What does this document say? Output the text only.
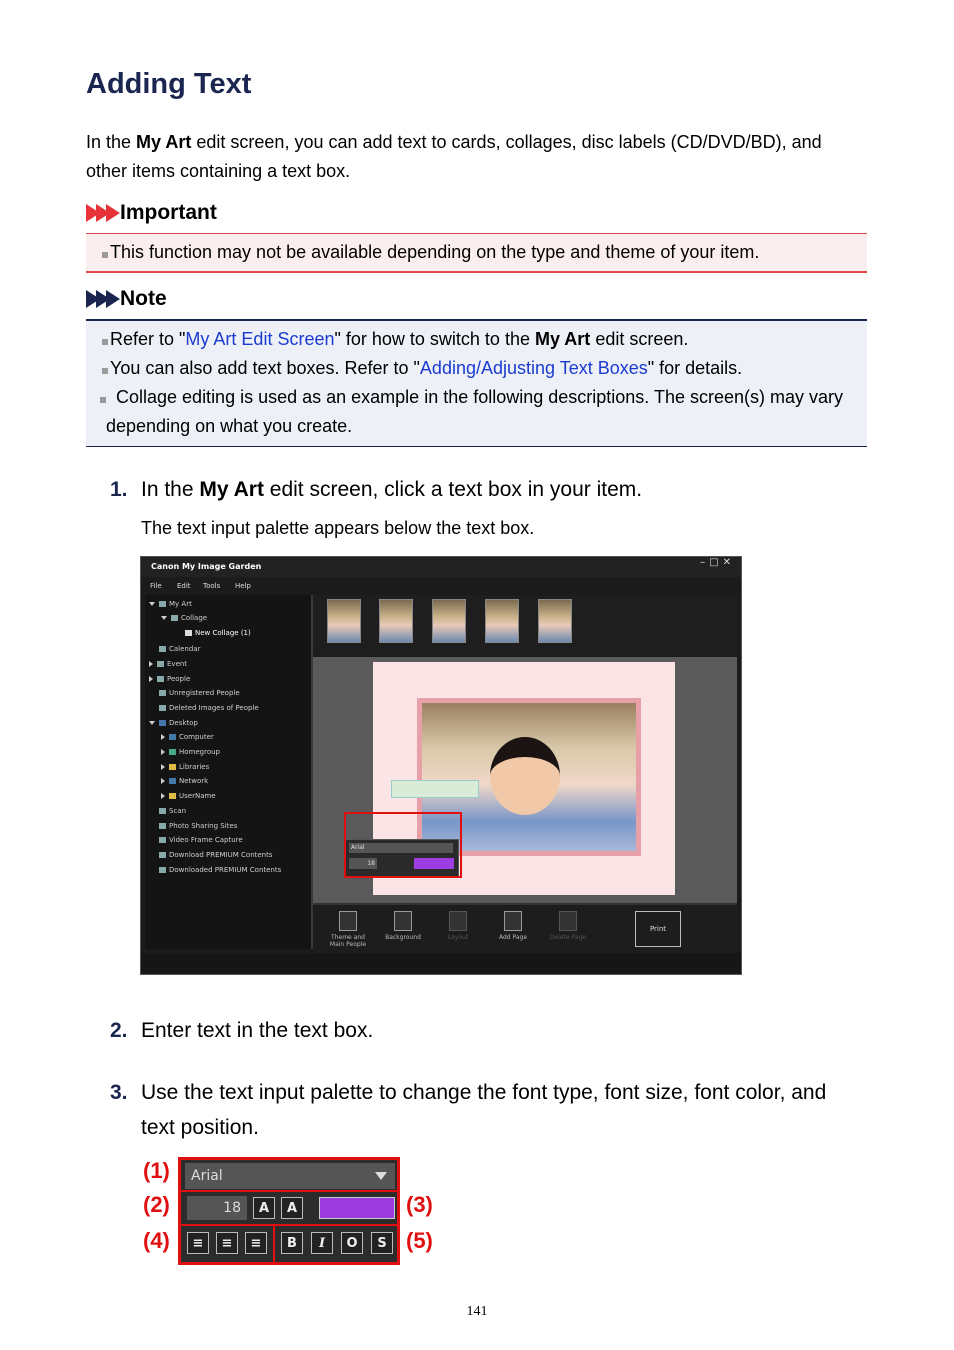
Adding Text
In the My Art edit screen, you can add text to cards, collages, disc labels (CD/DVD/BD), and other items containing a text box.
Important
This function may not be available depending on the type and theme of your item.
Note
Refer to "My Art Edit Screen" for how to switch to the My Art edit screen.
You can also add text boxes. Refer to "Adding/Adjusting Text Boxes" for details.
Collage editing is used as an example in the following descriptions. The screen(s) may vary depending on what you create.
1. In the My Art edit screen, click a text box in your item.
The text input palette appears below the text box.
Canon My Image Garden	–□✕
File Edit Tools Help
My Art
Collage
New Collage (1)
Calendar
Event
People
Unregistered People
Deleted Images of People
Desktop
Computer
Homegroup
Libraries
Network
UserName
Scan
Photo Sharing Sites
Video Frame Capture
Download PREMIUM Contents
Downloaded PREMIUM Contents
Arial
18
Theme and Main People
Background	Layout	Add Page	Delete Page
Print
2. Enter text in the text box.
3. Use the text input palette to change the font type, font size, font color, and text position.
(1)
(2)	(3)
(4)	(5)
Arial
18	A	A
≡	≡	≡	B	I	O	S
141
